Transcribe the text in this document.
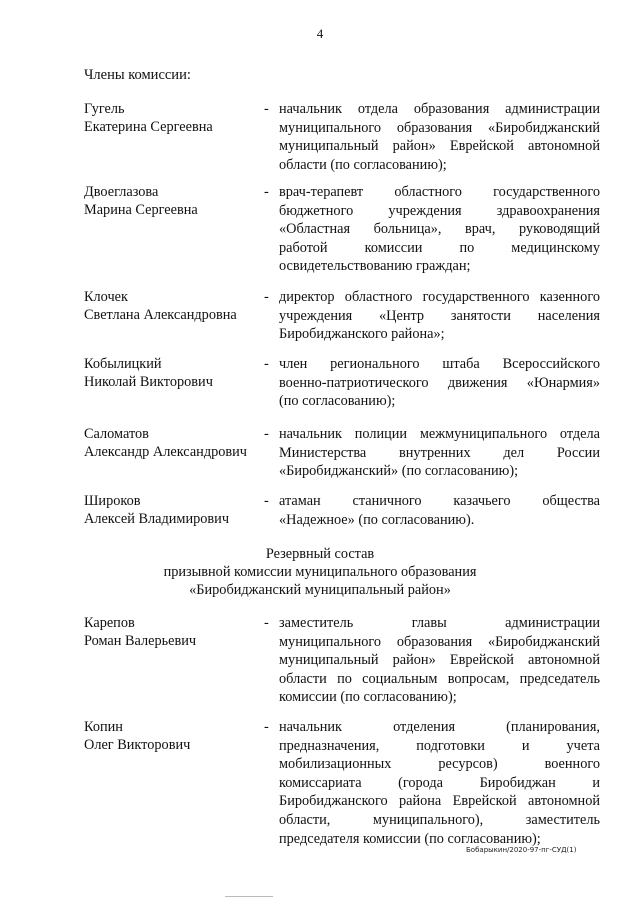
4
Члены комиссии:
Гугель
Екатерина Сергеевна
- начальник отдела образования администрации
муниципального образования «Биробиджанский
муниципальный район» Еврейской автономной
области (по согласованию);
Двоеглазова
Марина Сергеевна
- врач-терапевт областного государственного
бюджетного учреждения здравоохранения
«Областная больница», врач, руководящий
работой комиссии по медицинскому
освидетельствованию граждан;
Клочек
Светлана Александровна
- директор областного государственного казенного
учреждения «Центр занятости населения
Биробиджанского района»;
Кобылицкий
Николай Викторович
- член регионального штаба Всероссийского
военно-патриотического движения «Юнармия»
(по согласованию);
Саломатов
Александр Александрович
- начальник полиции межмуниципального отдела
Министерства внутренних дел России
«Биробиджанский» (по согласованию);
Широков
Алексей Владимирович
- атаман станичного казачьего общества
«Надежное» (по согласованию).
Резервный состав
призывной комиссии муниципального образования
«Биробиджанский муниципальный район»
Карепов
Роман Валерьевич
- заместитель главы администрации
муниципального образования «Биробиджанский
муниципальный район» Еврейской автономной
области по социальным вопросам, председатель
комиссии (по согласованию);
Копин
Олег Викторович
- начальник отделения (планирования,
предназначения, подготовки и учета
мобилизационных ресурсов) военного
комиссариата (города Биробиджан и
Биробиджанского района Еврейской автономной
области, муниципального), заместитель
председателя комиссии (по согласованию);
Бобарыкин/2020-97-пг-СУД(1)
